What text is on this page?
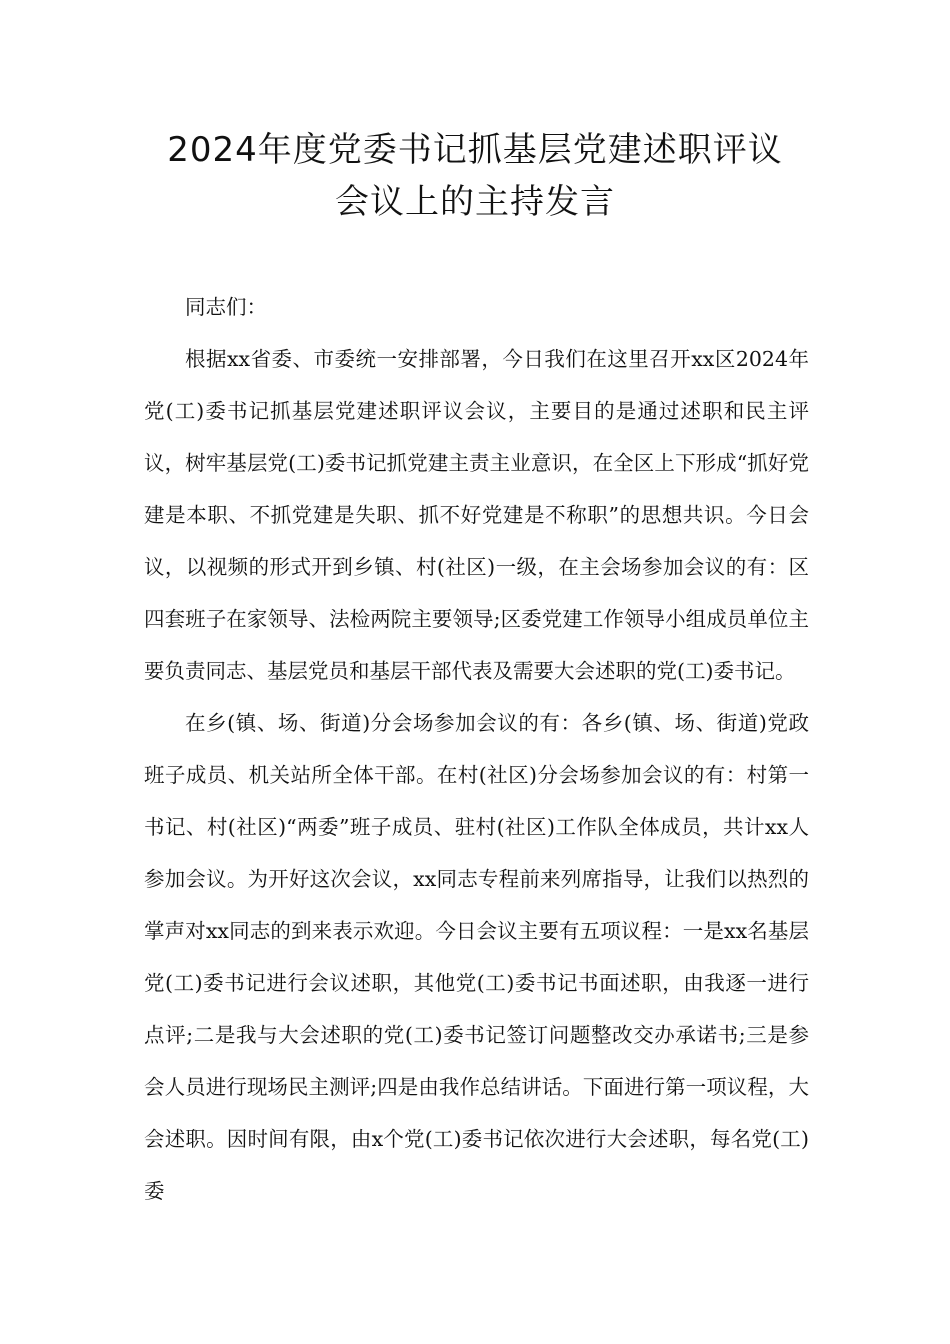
2024年度党委书记抓基层党建述职评议
会议上的主持发言

同志们：

根据xx省委、市委统一安排部署，今日我们在这里召开xx区2024年党(工)委书记抓基层党建述职评议会议，主要目的是通过述职和民主评议，树牢基层党(工)委书记抓党建主责主业意识，在全区上下形成“抓好党建是本职、不抓党建是失职、抓不好党建是不称职”的思想共识。今日会议，以视频的形式开到乡镇、村(社区)一级，在主会场参加会议的有：区四套班子在家领导、法检两院主要领导;区委党建工作领导小组成员单位主要负责同志、基层党员和基层干部代表及需要大会述职的党(工)委书记。

在乡(镇、场、街道)分会场参加会议的有：各乡(镇、场、街道)党政班子成员、机关站所全体干部。在村(社区)分会场参加会议的有：村第一书记、村(社区)“两委”班子成员、驻村(社区)工作队全体成员，共计xx人参加会议。为开好这次会议，xx同志专程前来列席指导，让我们以热烈的掌声对xx同志的到来表示欢迎。今日会议主要有五项议程：一是xx名基层党(工)委书记进行会议述职，其他党(工)委书记书面述职，由我逐一进行点评;二是我与大会述职的党(工)委书记签订问题整改交办承诺书;三是参会人员进行现场民主测评;四是由我作总结讲话。下面进行第一项议程，大会述职。因时间有限，由x个党(工)委书记依次进行大会述职，每名党(工)委
